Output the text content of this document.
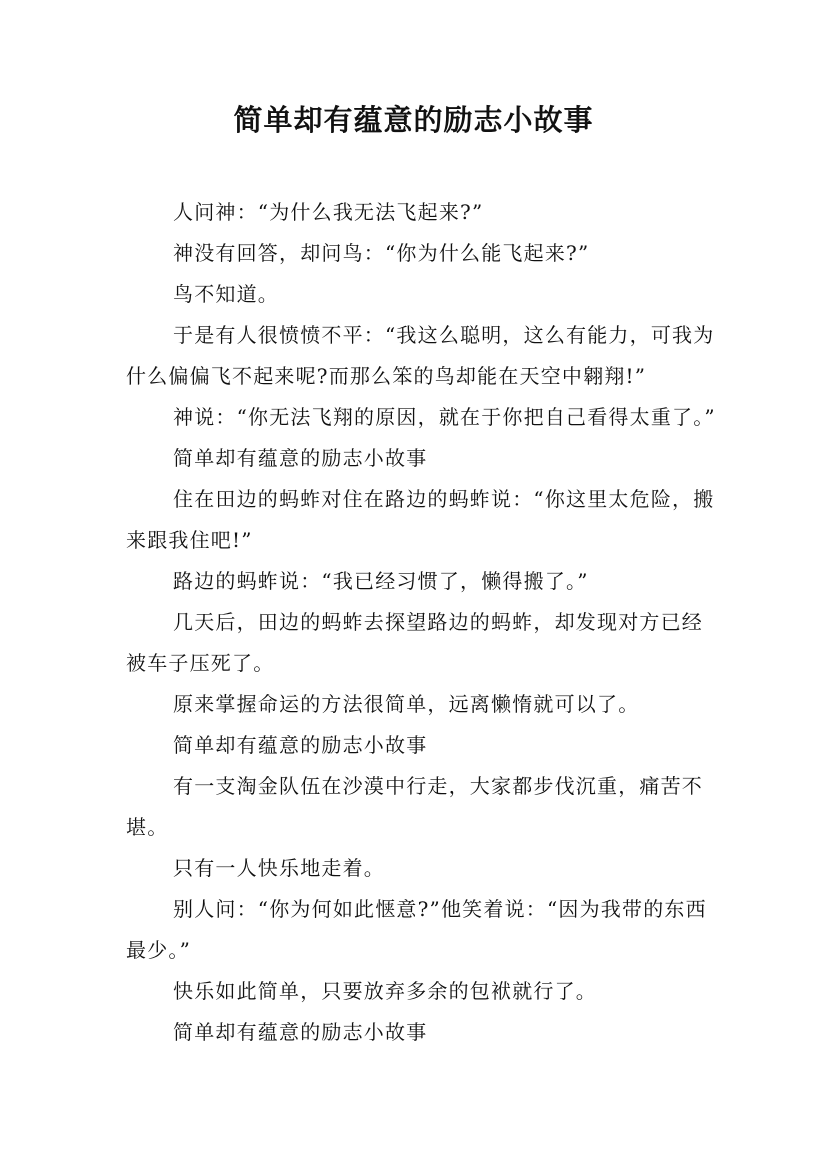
简单却有蕴意的励志小故事

人问神：“为什么我无法飞起来?”

神没有回答，却问鸟：“你为什么能飞起来?”

鸟不知道。

于是有人很愤愤不平：“我这么聪明，这么有能力，可我为什么偏偏飞不起来呢?而那么笨的鸟却能在天空中翱翔!”

神说：“你无法飞翔的原因，就在于你把自己看得太重了。”

简单却有蕴意的励志小故事

住在田边的蚂蚱对住在路边的蚂蚱说：“你这里太危险，搬来跟我住吧!”

路边的蚂蚱说：“我已经习惯了，懒得搬了。”

几天后，田边的蚂蚱去探望路边的蚂蚱，却发现对方已经被车子压死了。

原来掌握命运的方法很简单，远离懒惰就可以了。

简单却有蕴意的励志小故事

有一支淘金队伍在沙漠中行走，大家都步伐沉重，痛苦不堪。

只有一人快乐地走着。

别人问：“你为何如此惬意?”他笑着说：“因为我带的东西最少。”

快乐如此简单，只要放弃多余的包袱就行了。

简单却有蕴意的励志小故事
